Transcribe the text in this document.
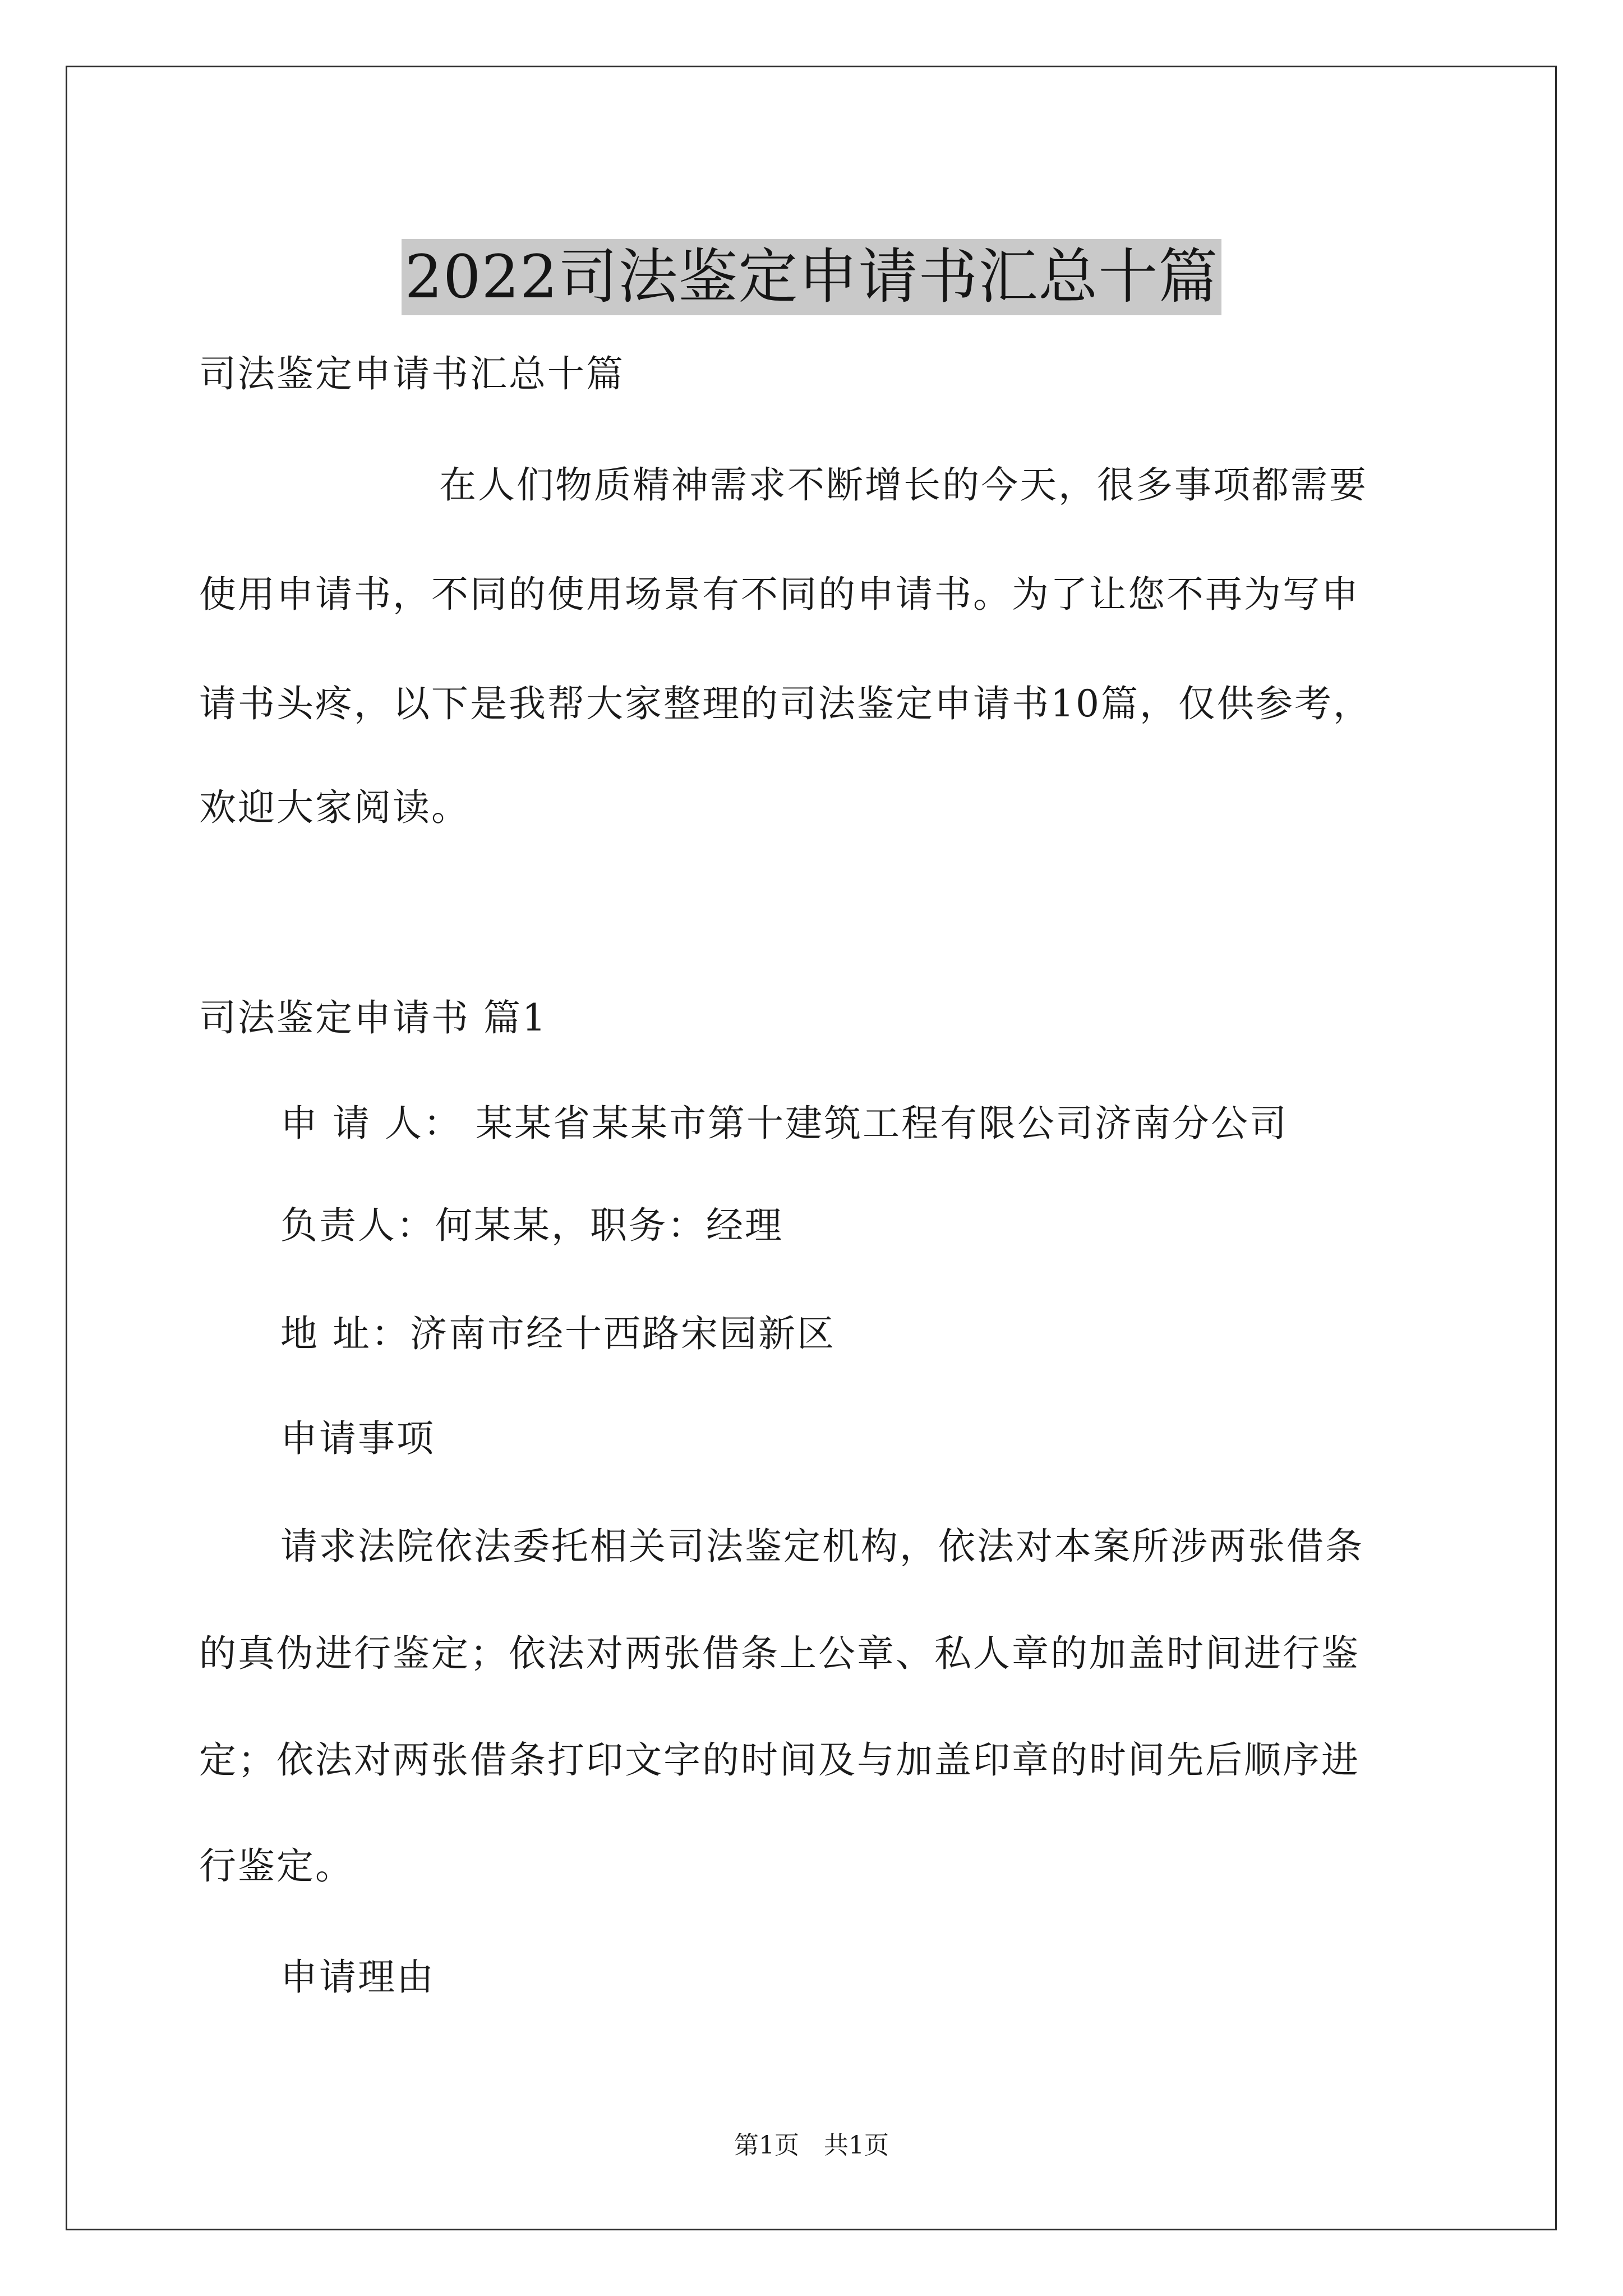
2022司法鉴定申请书汇总十篇
司法鉴定申请书汇总十篇
在人们物质精神需求不断增长的今天，很多事项都需要
使用申请书，不同的使用场景有不同的申请书。为了让您不再为写申
请书头疼，以下是我帮大家整理的司法鉴定申请书10篇，仅供参考，
欢迎大家阅读。
司法鉴定申请书 篇1
申 请 人： 某某省某某市第十建筑工程有限公司济南分公司
负责人：何某某，职务：经理
地 址：济南市经十西路宋园新区
申请事项
请求法院依法委托相关司法鉴定机构，依法对本案所涉两张借条
的真伪进行鉴定；依法对两张借条上公章、私人章的加盖时间进行鉴
定；依法对两张借条打印文字的时间及与加盖印章的时间先后顺序进
行鉴定。
申请理由
第1页　共1页
